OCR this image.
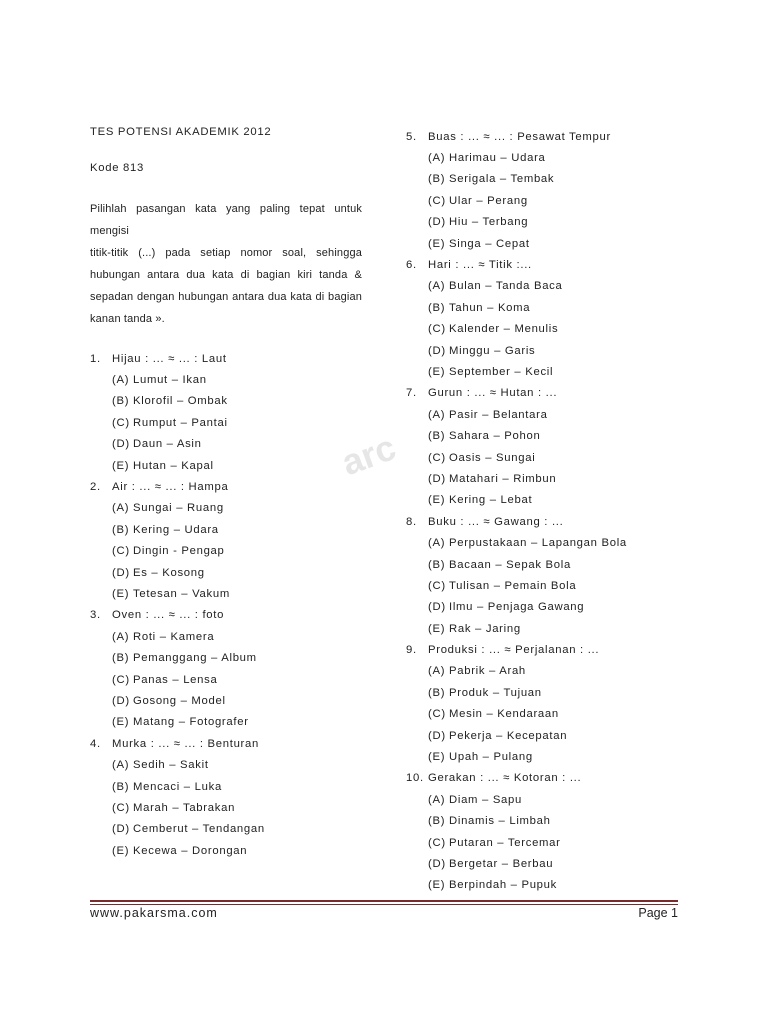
arc
TES POTENSI AKADEMIK 2012
Kode 813
Pilihlah pasangan kata yang paling tepat untuk mengisi
titik-titik (...) pada setiap nomor soal, sehingga
hubungan antara dua kata di bagian kiri tanda &
sepadan dengan hubungan antara dua kata di bagian
kanan tanda ».
1. Hijau : ... ≈ ... : Laut
(A) Lumut – Ikan
(B) Klorofil – Ombak
(C) Rumput – Pantai
(D) Daun – Asin
(E) Hutan – Kapal
2. Air : ... ≈ ... : Hampa
(A) Sungai – Ruang
(B) Kering – Udara
(C) Dingin - Pengap
(D) Es – Kosong
(E) Tetesan – Vakum
3. Oven : ... ≈ ... : foto
(A) Roti – Kamera
(B) Pemanggang – Album
(C) Panas – Lensa
(D) Gosong – Model
(E) Matang – Fotografer
4. Murka : ... ≈ ... : Benturan
(A) Sedih – Sakit
(B) Mencaci – Luka
(C) Marah – Tabrakan
(D) Cemberut – Tendangan
(E) Kecewa – Dorongan
5. Buas : ... ≈ ... : Pesawat Tempur
(A) Harimau – Udara
(B) Serigala – Tembak
(C) Ular – Perang
(D) Hiu – Terbang
(E) Singa – Cepat
6. Hari : ... ≈ Titik :...
(A) Bulan – Tanda Baca
(B) Tahun – Koma
(C) Kalender – Menulis
(D) Minggu – Garis
(E) September – Kecil
7. Gurun : ... ≈ Hutan : ...
(A) Pasir – Belantara
(B) Sahara – Pohon
(C) Oasis – Sungai
(D) Matahari – Rimbun
(E) Kering – Lebat
8. Buku : ... ≈ Gawang : ...
(A) Perpustakaan – Lapangan Bola
(B) Bacaan – Sepak Bola
(C) Tulisan – Pemain Bola
(D) Ilmu – Penjaga Gawang
(E) Rak – Jaring
9. Produksi : ... ≈ Perjalanan : ...
(A) Pabrik – Arah
(B) Produk – Tujuan
(C) Mesin – Kendaraan
(D) Pekerja – Kecepatan
(E) Upah – Pulang
10. Gerakan : ... ≈ Kotoran : ...
(A) Diam – Sapu
(B) Dinamis – Limbah
(C) Putaran – Tercemar
(D) Bergetar – Berbau
(E) Berpindah – Pupuk
www.pakarsma.com	Page 1
